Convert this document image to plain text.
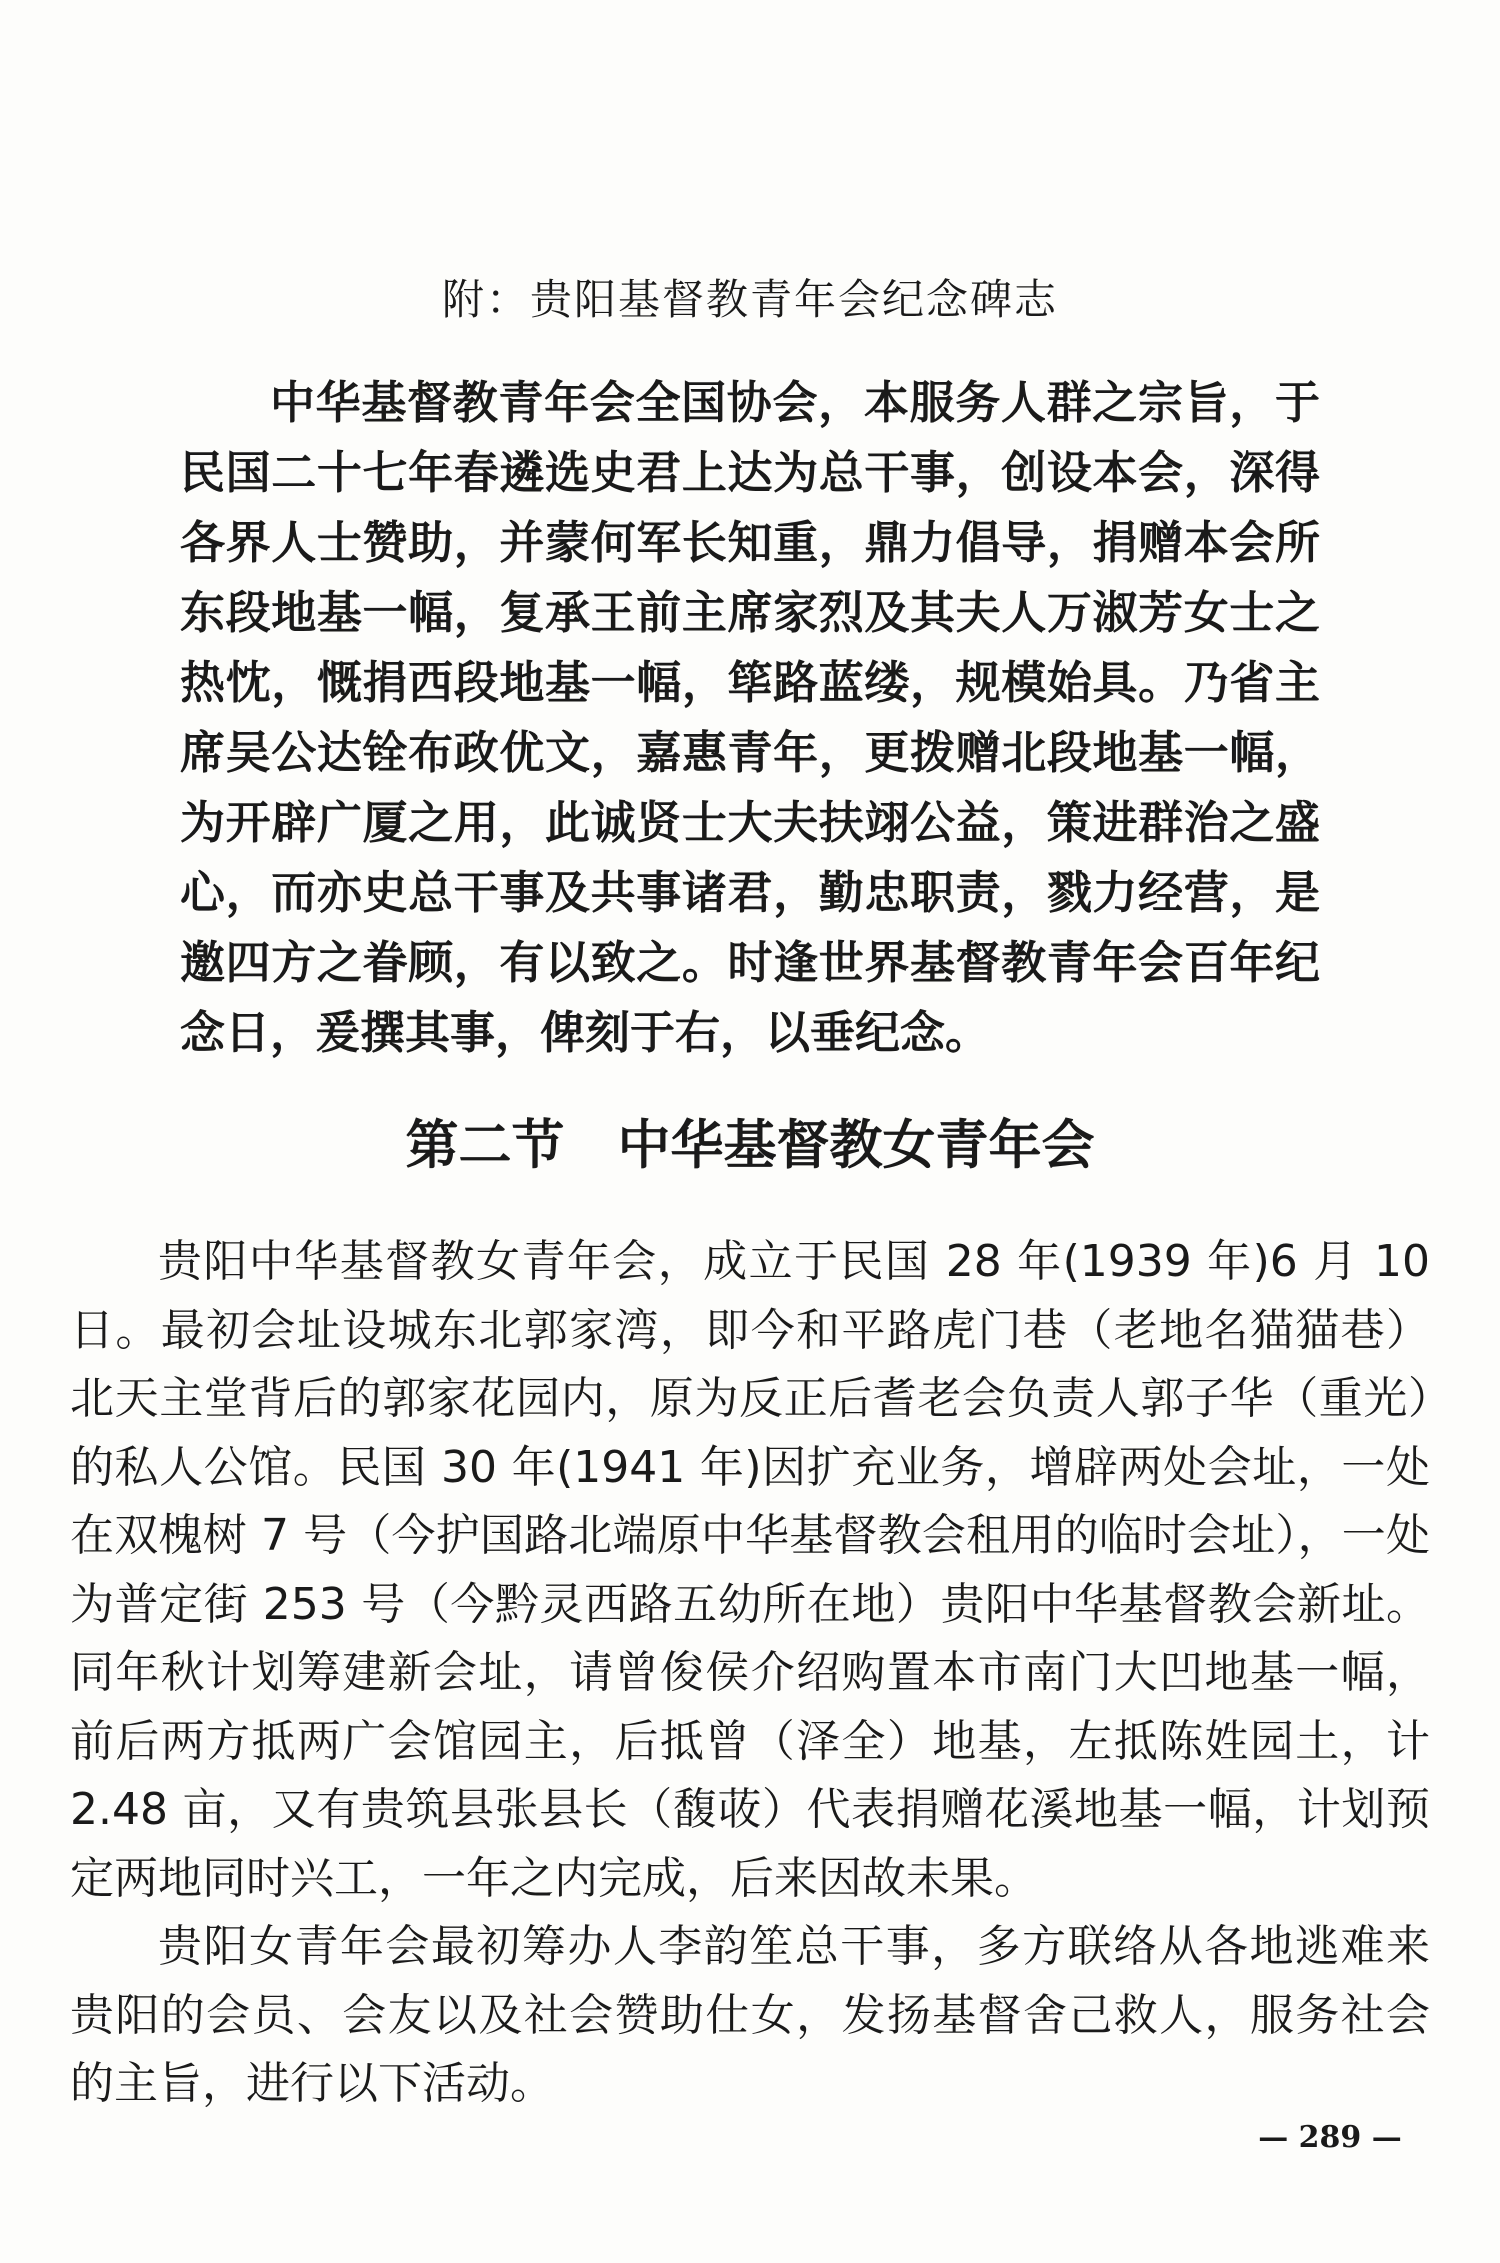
附：贵阳基督教青年会纪念碑志

中华基督教青年会全国协会，本服务人群之宗旨，于民国二十七年春遴选史君上达为总干事，创设本会，深得各界人士赞助，并蒙何军长知重，鼎力倡导，捐赠本会所东段地基一幅，复承王前主席家烈及其夫人万淑芳女士之热忱，慨捐西段地基一幅，筚路蓝缕，规模始具。乃省主席吴公达铨布政优文，嘉惠青年，更拨赠北段地基一幅，为开辟广厦之用，此诚贤士大夫扶翊公益，策进群治之盛心，而亦史总干事及共事诸君，勤忠职责，戮力经营，是邀四方之眷顾，有以致之。时逢世界基督教青年会百年纪念日，爰撰其事，俾刻于右，以垂纪念。

第二节　中华基督教女青年会

贵阳中华基督教女青年会，成立于民国 28 年(1939 年)6 月 10 日。最初会址设城东北郭家湾，即今和平路虎门巷（老地名猫猫巷）北天主堂背后的郭家花园内，原为反正后耆老会负责人郭子华（重光）的私人公馆。民国 30 年(1941 年)因扩充业务，增辟两处会址，一处在双槐树 7 号（今护国路北端原中华基督教会租用的临时会址），一处为普定街 253 号（今黔灵西路五幼所在地）贵阳中华基督教会新址。同年秋计划筹建新会址，请曾俊侯介绍购置本市南门大凹地基一幅，前后两方抵两广会馆园主，后抵曾（泽全）地基，左抵陈姓园土，计 2.48 亩，又有贵筑县张县长（馥荍）代表捐赠花溪地基一幅，计划预定两地同时兴工，一年之内完成，后来因故未果。

贵阳女青年会最初筹办人李韵笙总干事，多方联络从各地逃难来贵阳的会员、会友以及社会赞助仕女，发扬基督舍己救人，服务社会的主旨，进行以下活动。

— 289 —
